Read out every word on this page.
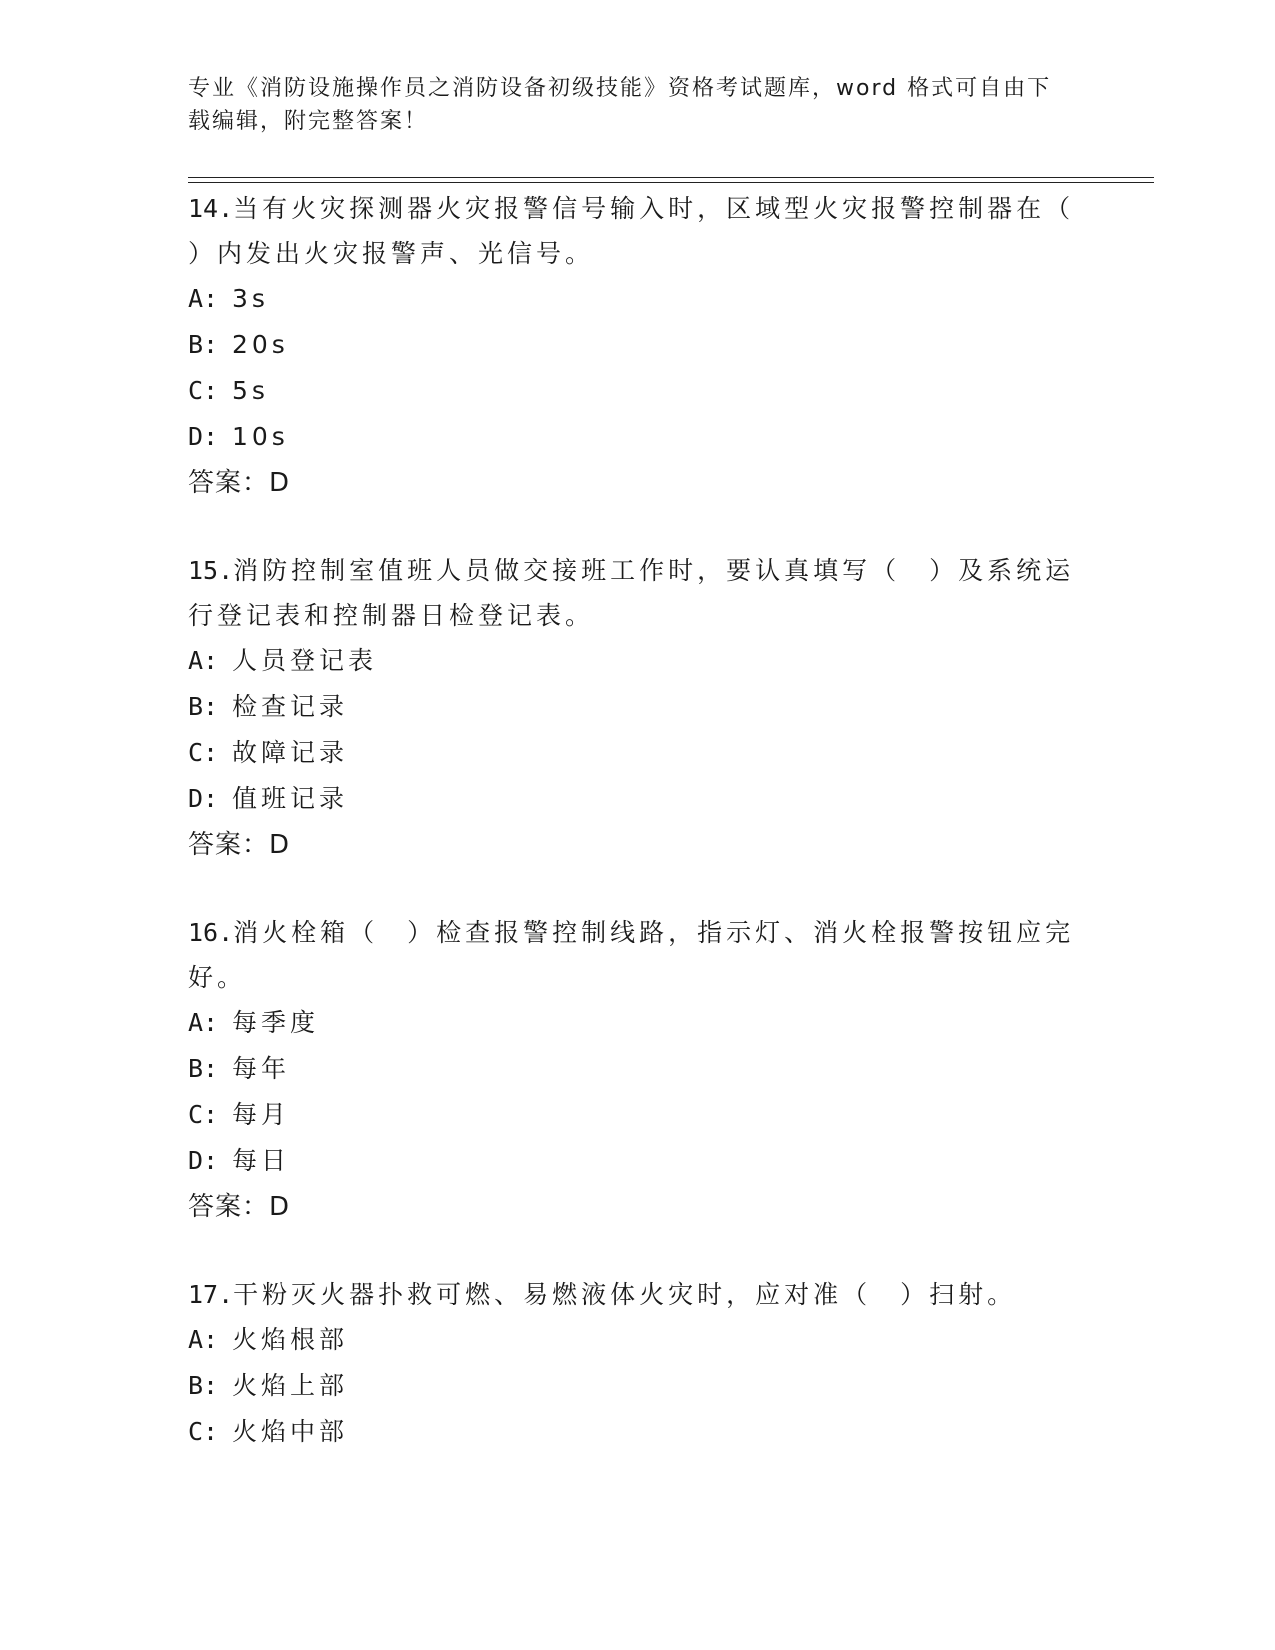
专业《消防设施操作员之消防设备初级技能》资格考试题库，word 格式可自由下
载编辑，附完整答案！

14.当有火灾探测器火灾报警信号输入时，区域型火灾报警控制器在（

）内发出火灾报警声、光信号。

A: 3s

B: 20s

C: 5s

D: 10s

答案：D

15.消防控制室值班人员做交接班工作时，要认真填写（　）及系统运

行登记表和控制器日检登记表。

A: 人员登记表

B: 检查记录

C: 故障记录

D: 值班记录

答案：D

16.消火栓箱（　）检查报警控制线路，指示灯、消火栓报警按钮应完

好。

A: 每季度

B: 每年

C: 每月

D: 每日

答案：D

17.干粉灭火器扑救可燃、易燃液体火灾时，应对准（　）扫射。

A: 火焰根部

B: 火焰上部

C: 火焰中部
